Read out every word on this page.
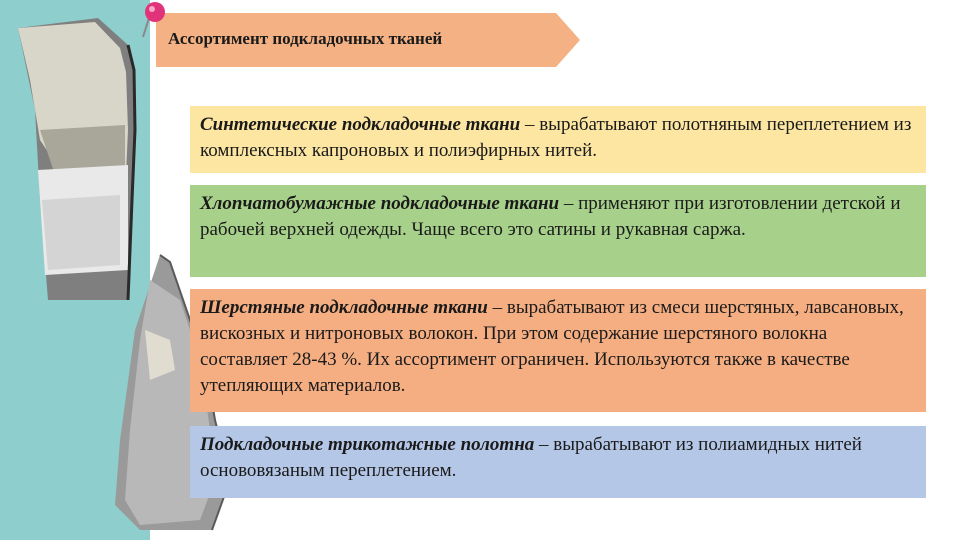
Ассортимент подкладочных тканей
Синтетические подкладочные ткани – вырабатывают полотняным переплетением из комплексных капроновых и полиэфирных нитей.
Хлопчатобумажные подкладочные ткани – применяют при изготовлении детской и рабочей верхней одежды. Чаще всего это сатины и рукавная саржа.
Шерстяные подкладочные ткани – вырабатывают из смеси шерстяных, лавсановых, вискозных и нитроновых волокон. При этом содержание шерстяного волокна составляет 28-43 %. Их ассортимент ограничен. Используются также в качестве утепляющих материалов.
Подкладочные трикотажные полотна – вырабатывают из полиамидных нитей основовязаным переплетением.
